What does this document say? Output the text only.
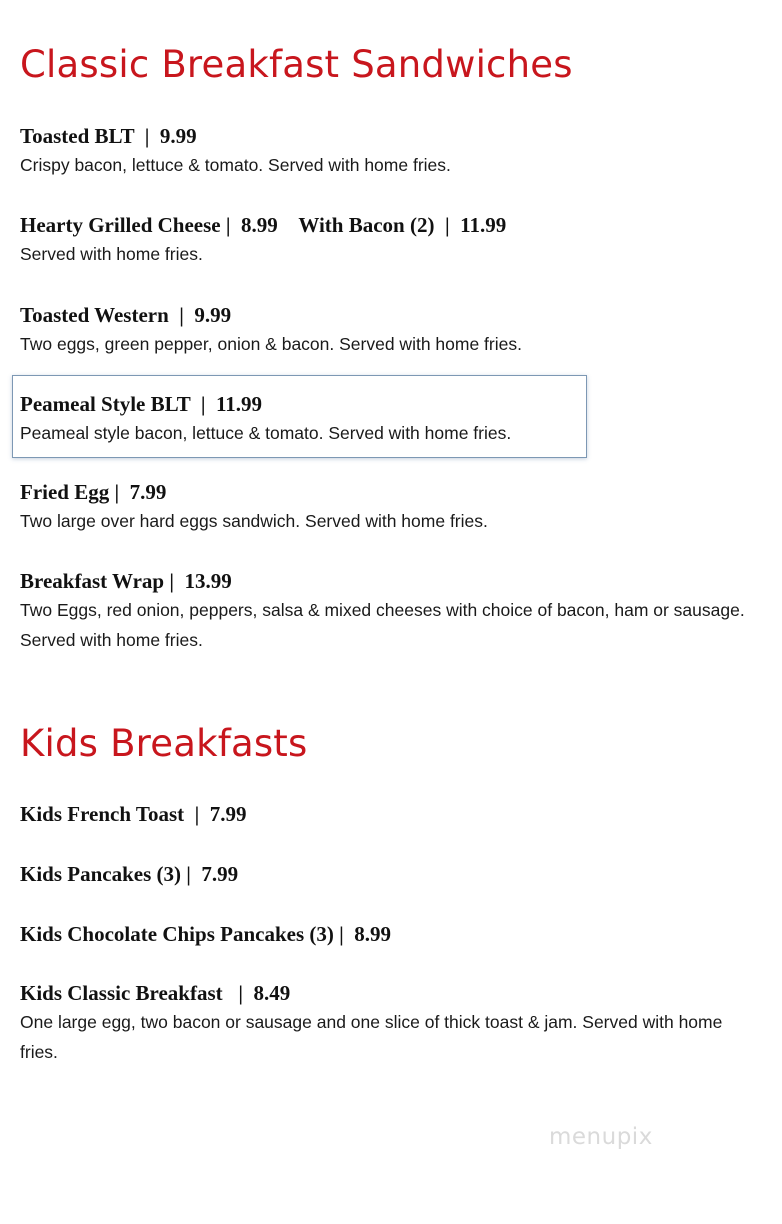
Classic Breakfast Sandwiches
Toasted BLT  |  9.99
Crispy bacon, lettuce & tomato. Served with home fries.
Hearty Grilled Cheese |  8.99    With Bacon (2)  |  11.99
Served with home fries.
Toasted Western  |  9.99
Two eggs, green pepper, onion & bacon. Served with home fries.
Peameal Style BLT  |  11.99
Peameal style bacon, lettuce & tomato. Served with home fries.
Fried Egg |  7.99
Two large over hard eggs sandwich. Served with home fries.
Breakfast Wrap |  13.99
Two Eggs, red onion, peppers, salsa & mixed cheeses with choice of bacon, ham or sausage. Served with home fries.
Kids Breakfasts
Kids French Toast  |  7.99
Kids Pancakes (3) |  7.99
Kids Chocolate Chips Pancakes (3) |  8.99
Kids Classic Breakfast   |  8.49
One large egg, two bacon or sausage and one slice of thick toast & jam. Served with home fries.
menupix
